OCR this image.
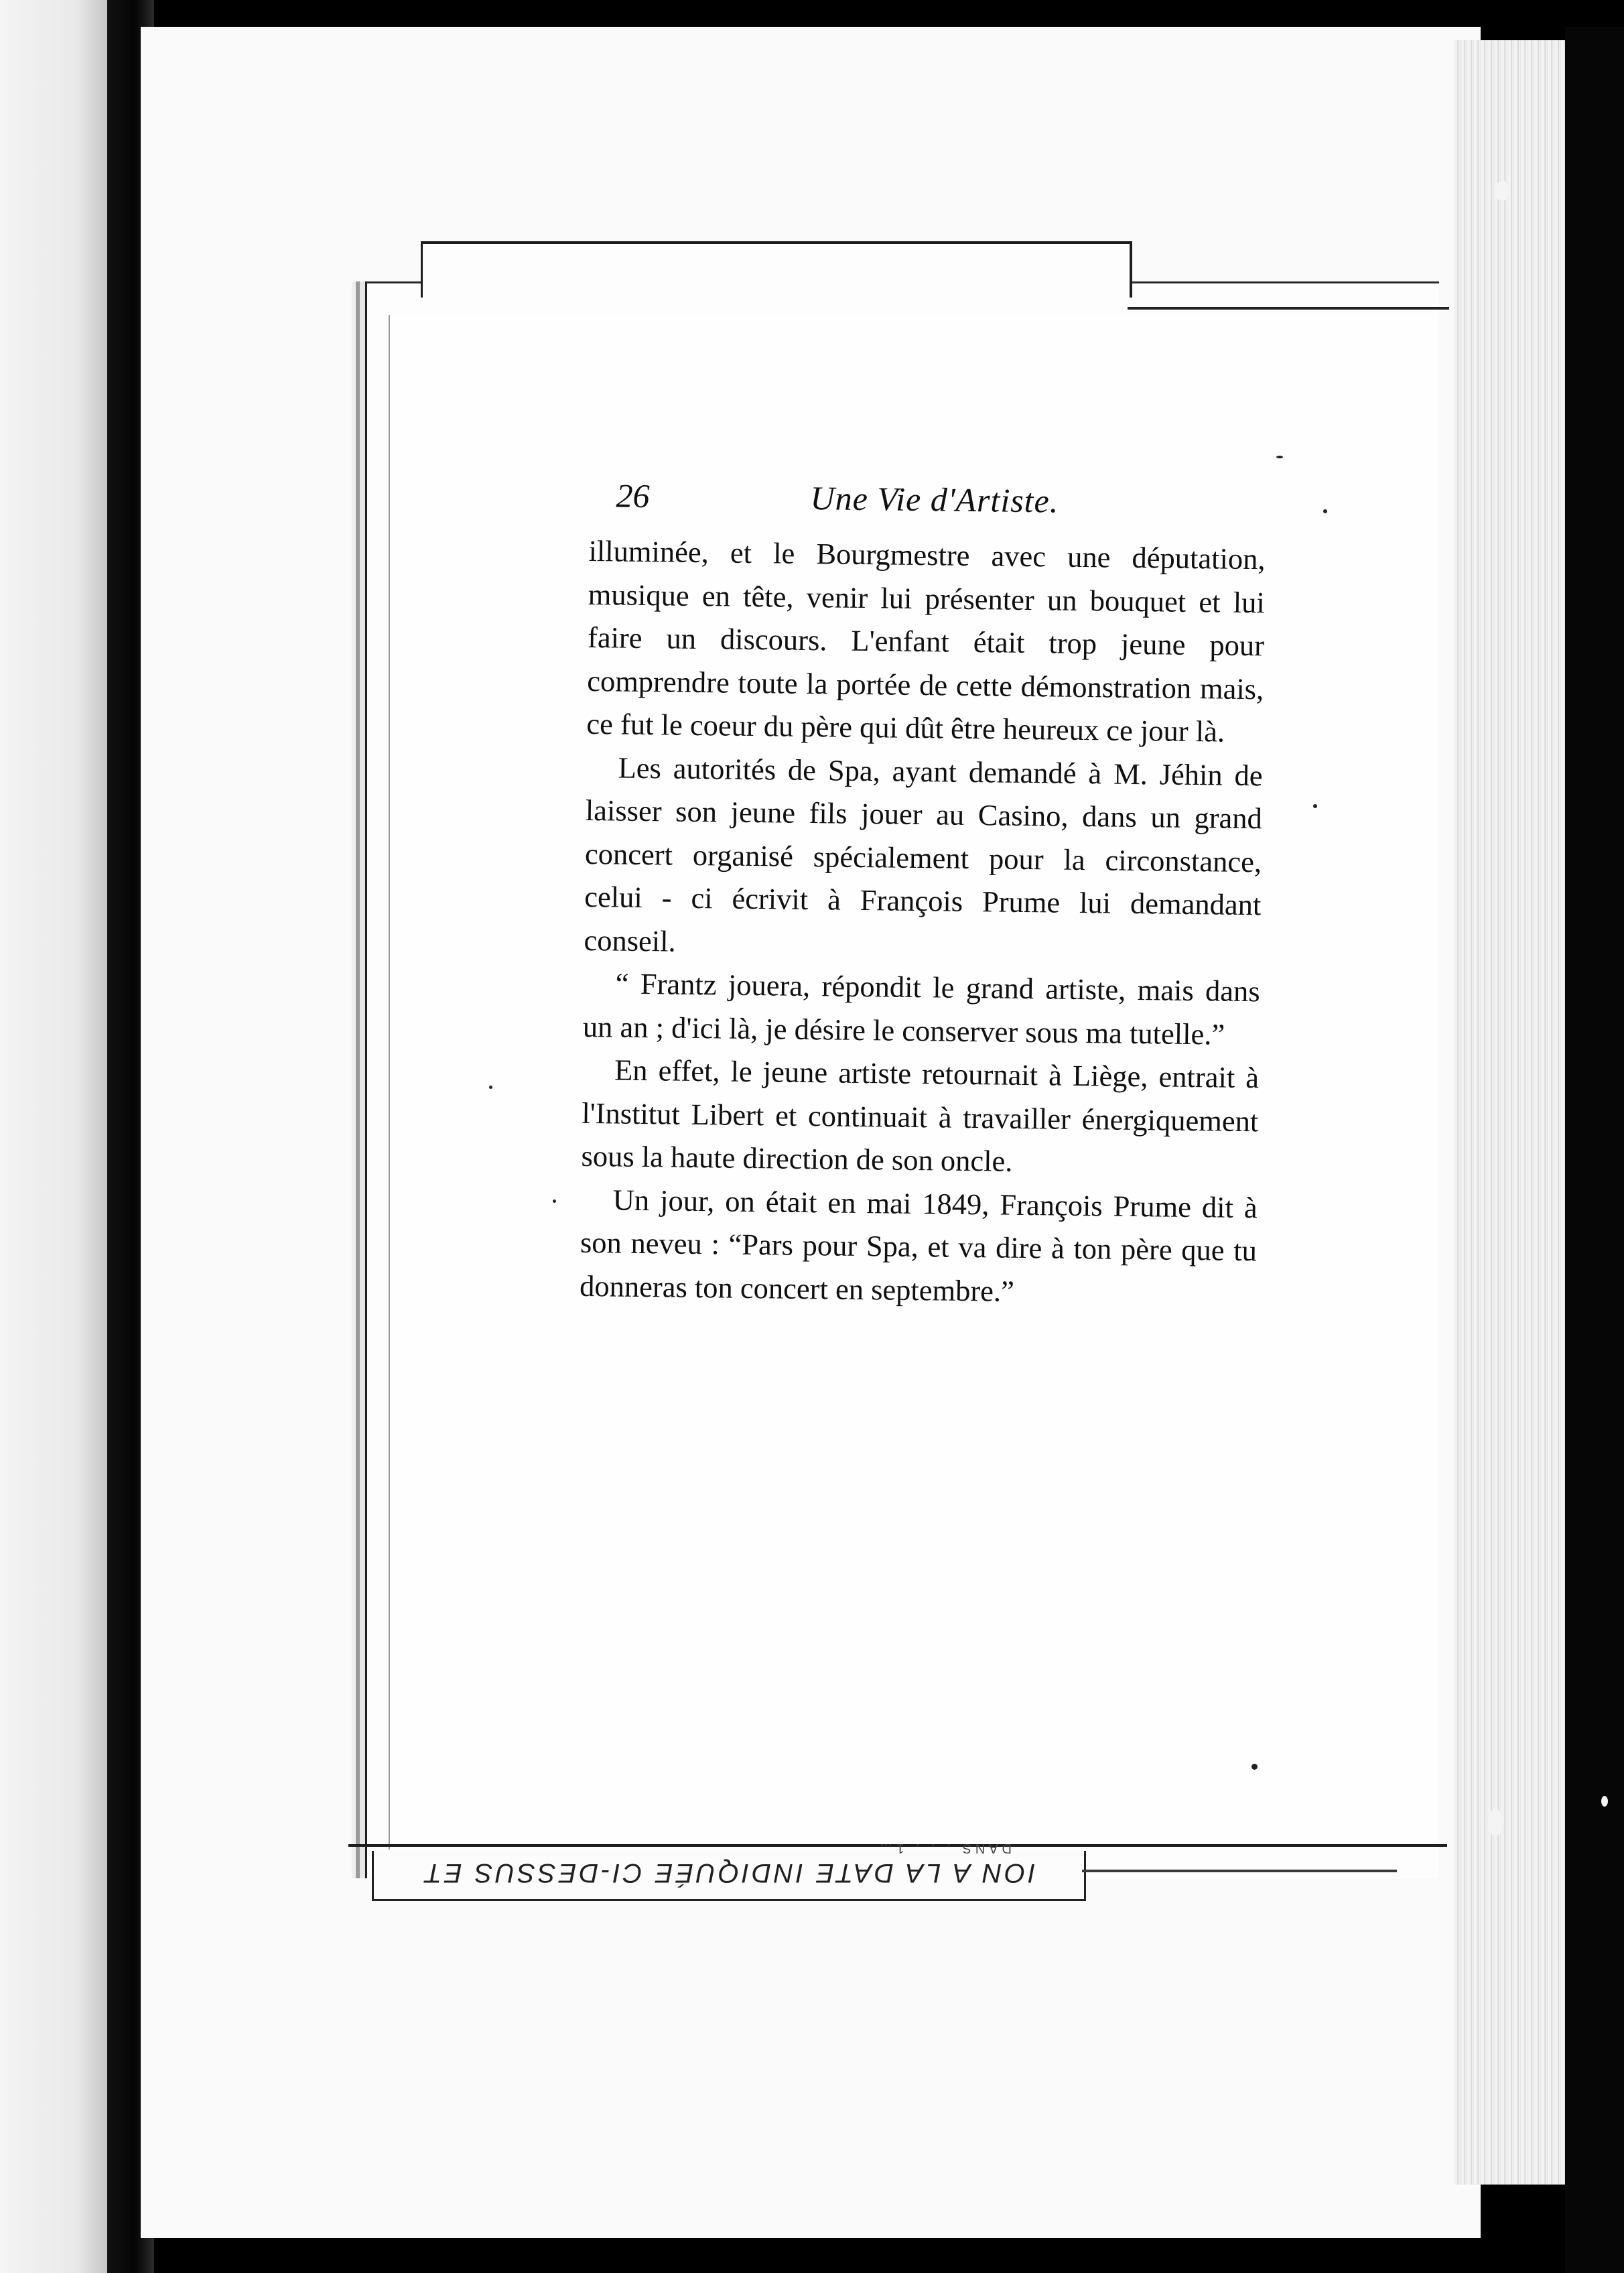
ION A LA DATE INDIQUÉE CI-DESSUS ET
DANS . . . 1…
26	Une Vie d'Artiste.

illuminée, et le Bourgmestre avec une députation, musique en tête, venir lui présenter un bouquet et lui faire un discours. L'enfant était trop jeune pour comprendre toute la portée de cette démonstration mais, ce fut le coeur du père qui dût être heureux ce jour là.

Les autorités de Spa, ayant demandé à M. Jéhin de laisser son jeune fils jouer au Casino, dans un grand concert organisé spécialement pour la circonstance, celui - ci écrivit à François Prume lui demandant conseil.

“ Frantz jouera, répondit le grand artiste, mais dans un an ; d'ici là, je désire le conserver sous ma tutelle.”

En effet, le jeune artiste retournait à Liège, entrait à l'Institut Libert et continuait à travailler énergiquement sous la haute direction de son oncle.

Un jour, on était en mai 1849, François Prume dit à son neveu : “Pars pour Spa, et va dire à ton père que tu donneras ton concert en septembre.”
